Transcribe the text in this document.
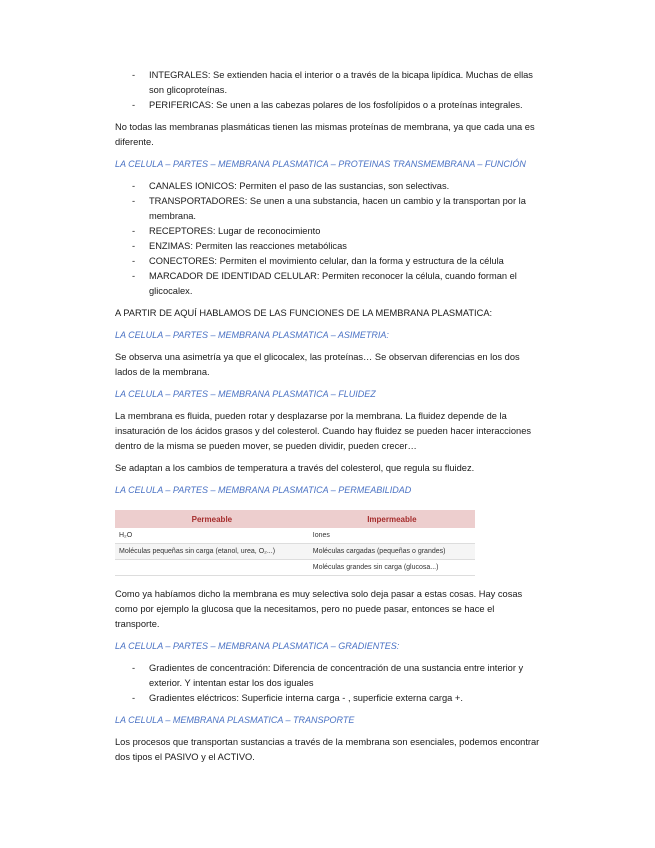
- INTEGRALES: Se extienden hacia el interior o a través de la bicapa lipídica. Muchas de ellas son glicoproteínas.
- PERIFERICAS: Se unen a las cabezas polares de los fosfolípidos o a proteínas integrales.

No todas las membranas plasmáticas tienen las mismas proteínas de membrana, ya que cada una es diferente.

LA CELULA – PARTES – MEMBRANA PLASMATICA – PROTEINAS TRANSMEMBRANA – FUNCIÓN

- CANALES IONICOS: Permiten el paso de las sustancias, son selectivas.
- TRANSPORTADORES: Se unen a una substancia, hacen un cambio y la transportan por la membrana.
- RECEPTORES: Lugar de reconocimiento
- ENZIMAS: Permiten las reacciones metabólicas
- CONECTORES: Permiten el movimiento celular, dan la forma y estructura de la célula
- MARCADOR DE IDENTIDAD CELULAR: Permiten reconocer la célula, cuando forman el glicocalex.

A PARTIR DE AQUÍ HABLAMOS DE LAS FUNCIONES DE LA MEMBRANA PLASMATICA:

LA CELULA – PARTES – MEMBRANA PLASMATICA – ASIMETRIA:

Se observa una asimetría ya que el glicocalex, las proteínas… Se observan diferencias en los dos lados de la membrana.

LA CELULA – PARTES – MEMBRANA PLASMATICA – FLUIDEZ

La membrana es fluida, pueden rotar y desplazarse por la membrana. La fluidez depende de la insaturación de los ácidos grasos y del colesterol. Cuando hay fluidez se pueden hacer interacciones dentro de la misma se pueden mover, se pueden dividir, pueden crecer…

Se adaptan a los cambios de temperatura a través del colesterol, que regula su fluidez.

LA CELULA – PARTES – MEMBRANA PLASMATICA – PERMEABILIDAD

Permeable	Impermeable
H₂O	Iones
Moléculas pequeñas sin carga (etanol, urea, O₂...)	Moléculas cargadas (pequeñas o grandes)
	Moléculas grandes sin carga (glucosa...)

Como ya habíamos dicho la membrana es muy selectiva solo deja pasar a estas cosas. Hay cosas como por ejemplo la glucosa que la necesitamos, pero no puede pasar, entonces se hace el transporte.

LA CELULA – PARTES – MEMBRANA PLASMATICA – GRADIENTES:

- Gradientes de concentración: Diferencia de concentración de una sustancia entre interior y exterior. Y intentan estar los dos iguales
- Gradientes eléctricos: Superficie interna carga - , superficie externa carga +.

LA CELULA – MEMBRANA PLASMATICA – TRANSPORTE

Los procesos que transportan sustancias a través de la membrana son esenciales, podemos encontrar dos tipos el PASIVO y el ACTIVO.
